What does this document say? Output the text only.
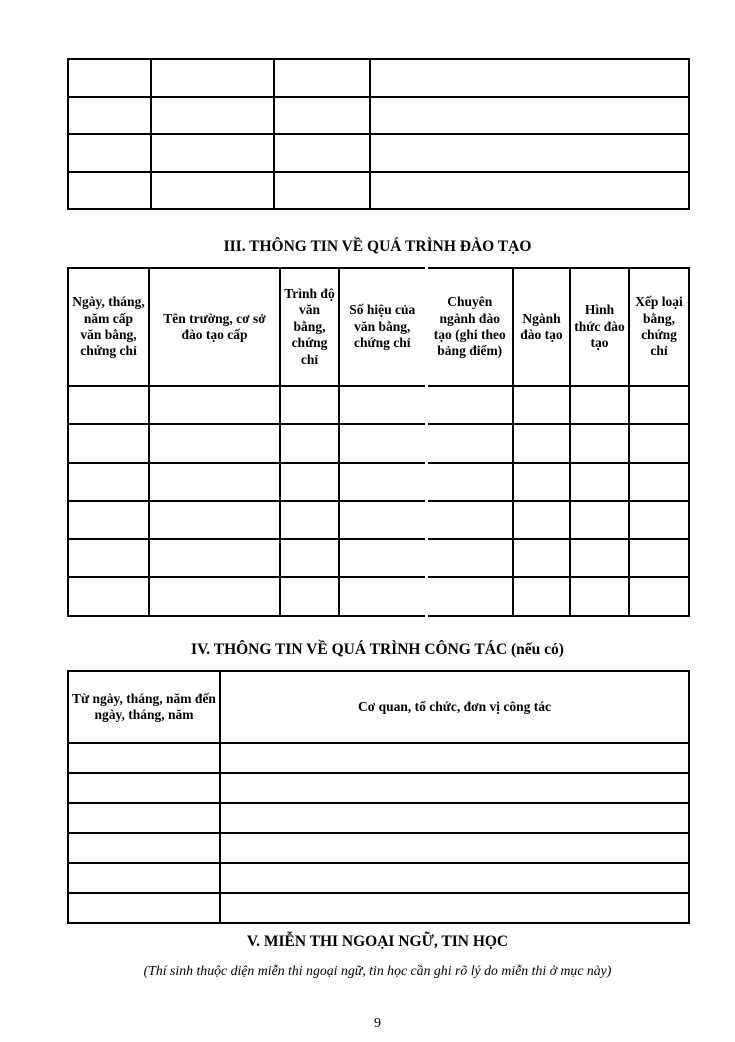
III. THÔNG TIN VỀ QUÁ TRÌNH ĐÀO TẠO
Ngày, tháng, năm cấp văn bằng, chứng chỉ	Tên trường, cơ sở đào tạo cấp	Trình độ văn bằng, chứng chỉ	Số hiệu của văn bằng, chứng chỉ	Chuyên ngành đào tạo (ghi theo bảng điểm)	Ngành đào tạo	Hình thức đào tạo	Xếp loại bằng, chứng chỉ

IV. THÔNG TIN VỀ QUÁ TRÌNH CÔNG TÁC (nếu có)
Từ ngày, tháng, năm đến ngày, tháng, năm	Cơ quan, tổ chức, đơn vị công tác

V. MIỄN THI NGOẠI NGỮ, TIN HỌC
(Thí sinh thuộc diện miễn thi ngoại ngữ, tin học cần ghi rõ lý do miễn thi ở mục này)
9
